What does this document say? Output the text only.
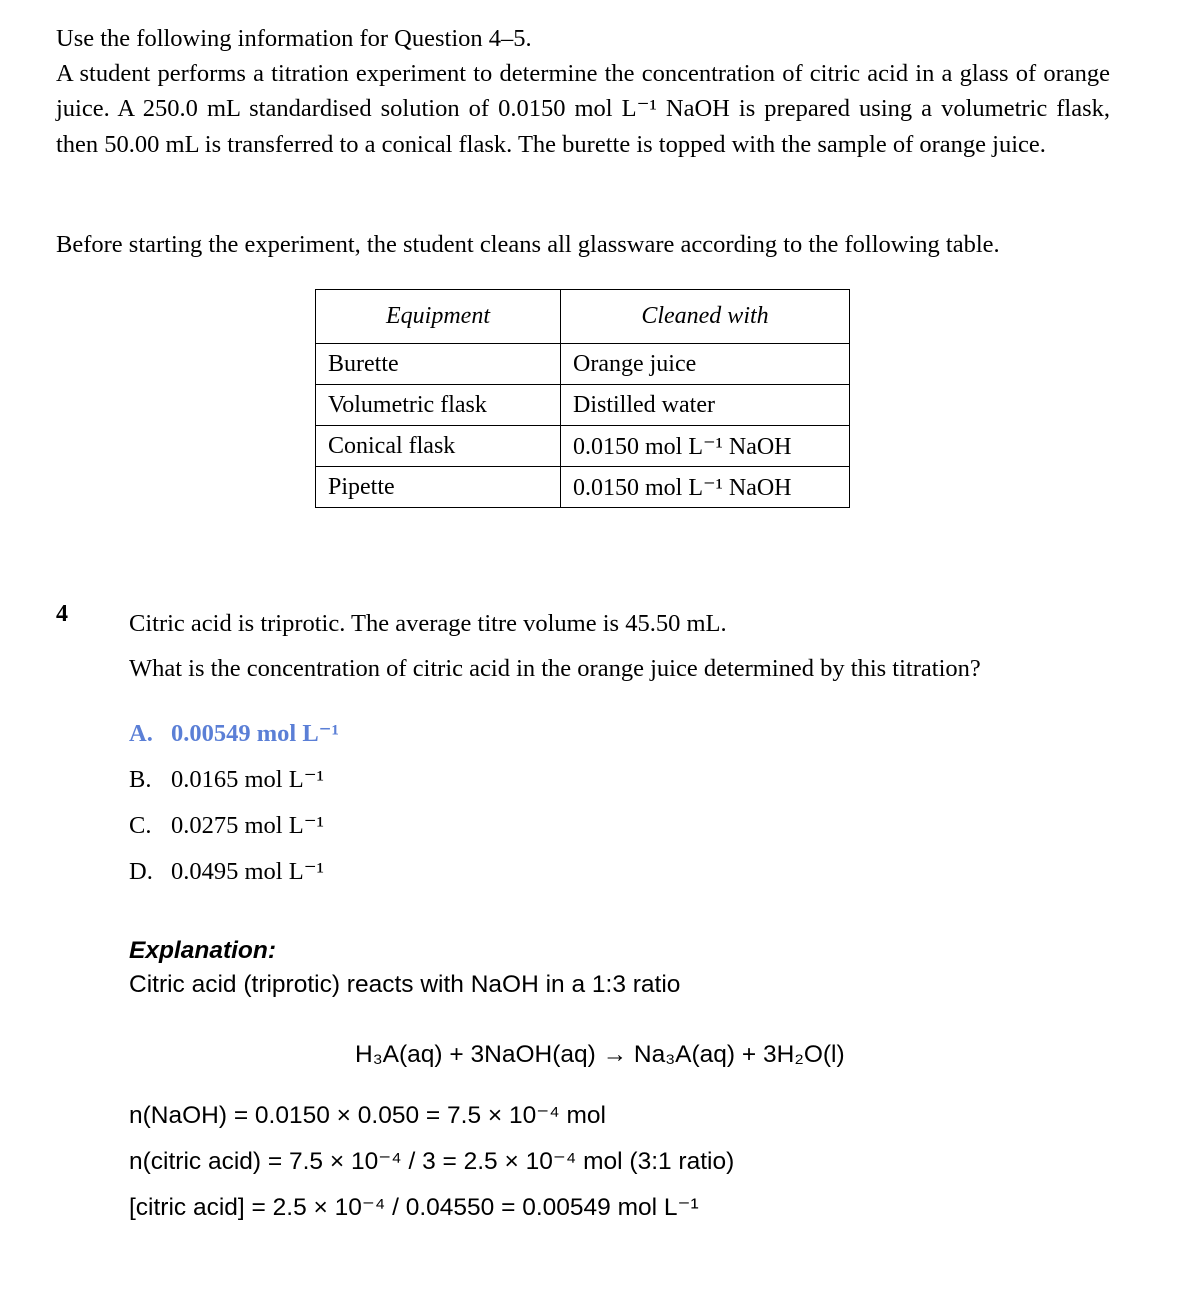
Use the following information for Question 4–5.

A student performs a titration experiment to determine the concentration of citric acid in a glass of orange juice. A 250.0 mL standardised solution of 0.0150 mol L⁻¹ NaOH is prepared using a volumetric flask, then 50.00 mL is transferred to a conical flask. The burette is topped with the sample of orange juice.

Before starting the experiment, the student cleans all glassware according to the following table.

Equipment	Cleaned with
Burette	Orange juice
Volumetric flask	Distilled water
Conical flask	0.0150 mol L⁻¹ NaOH
Pipette	0.0150 mol L⁻¹ NaOH
4 Citric acid is triprotic. The average titre volume is 45.50 mL.

What is the concentration of citric acid in the orange juice determined by this titration?

A. 0.00549 mol L⁻¹
B. 0.0165 mol L⁻¹
C. 0.0275 mol L⁻¹
D. 0.0495 mol L⁻¹
Explanation:
Citric acid (triprotic) reacts with NaOH in a 1:3 ratio
H₃A(aq) + 3NaOH(aq) → Na₃A(aq) + 3H₂O(l)
n(NaOH) = 0.0150 × 0.050 = 7.5 × 10⁻⁴ mol
n(citric acid) = 7.5 × 10⁻⁴ / 3 = 2.5 × 10⁻⁴ mol (3:1 ratio)
[citric acid] = 2.5 × 10⁻⁴ / 0.04550 = 0.00549 mol L⁻¹
